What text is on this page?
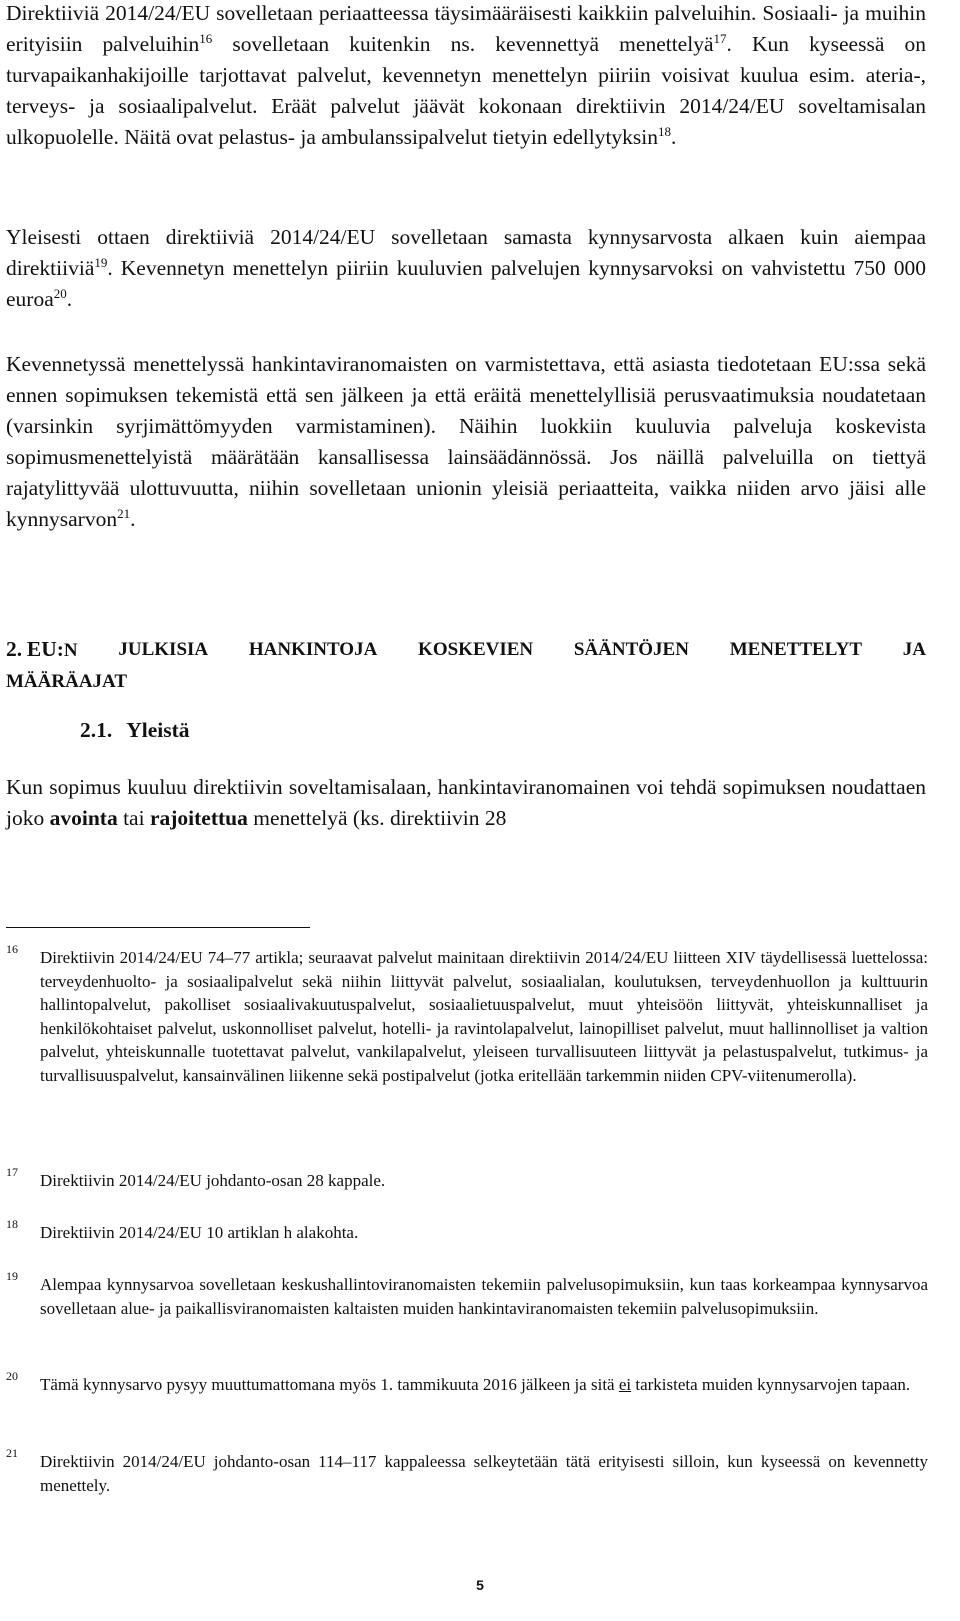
Direktiiviä 2014/24/EU sovelletaan periaatteessa täysimääräisesti kaikkiin palveluihin. Sosiaali- ja muihin erityisiin palveluihin$^{16}$ sovelletaan kuitenkin ns. kevennettyä menettelyä$^{17}$. Kun kyseessä on turvapaikanhakijoille tarjottavat palvelut, kevennetyn menettelyn piiriin voisivat kuulua esim. ateria-, terveys- ja sosiaalipalvelut. Eräät palvelut jäävät kokonaan direktiivin 2014/24/EU soveltamisalan ulkopuolelle. Näitä ovat pelastus- ja ambulanssipalvelut tietyin edellytyksin$^{18}$.

Yleisesti ottaen direktiiviä 2014/24/EU sovelletaan samasta kynnysarvosta alkaen kuin aiempaa direktiiviä$^{19}$. Kevennetyn menettelyn piiriin kuuluvien palvelujen kynnysarvoksi on vahvistettu 750 000 euroa$^{20}$.

Kevennetyssä menettelyssä hankintaviranomaisten on varmistettava, että asiasta tiedotetaan EU:ssa sekä ennen sopimuksen tekemistä että sen jälkeen ja että eräitä menettelyllisiä perusvaatimuksia noudatetaan (varsinkin syrjimättömyyden varmistaminen). Näihin luokkiin kuuluvia palveluja koskevista sopimusmenettelyistä määrätään kansallisessa lainsäädännössä. Jos näillä palveluilla on tiettyä rajatylittyvää ulottuvuutta, niihin sovelletaan unionin yleisiä periaatteita, vaikka niiden arvo jäisi alle kynnysarvon$^{21}$.

2. EU:N JULKISIA HANKINTOJA KOSKEVIEN SÄÄNTÖJEN MENETTELYT JA
MÄÄRÄAJAT
2.1. Yleistä

Kun sopimus kuuluu direktiivin soveltamisalaan, hankintaviranomainen voi tehdä sopimuksen noudattaen joko avointa tai rajoitettua menettelyä (ks. direktiivin 28

16 Direktiivin 2014/24/EU 74–77 artikla; seuraavat palvelut mainitaan direktiivin 2014/24/EU liitteen XIV täydellisessä luettelossa: terveydenhuolto- ja sosiaalipalvelut sekä niihin liittyvät palvelut, sosiaalialan, koulutuksen, terveydenhuollon ja kulttuurin hallintopalvelut, pakolliset sosiaalivakuutuspalvelut, sosiaalietuuspalvelut, muut yhteisöön liittyvät, yhteiskunnalliset ja henkilökohtaiset palvelut, uskonnolliset palvelut, hotelli- ja ravintolapalvelut, lainopilliset palvelut, muut hallinnolliset ja valtion palvelut, yhteiskunnalle tuotettavat palvelut, vankilapalvelut, yleiseen turvallisuuteen liittyvät ja pelastuspalvelut, tutkimus- ja turvallisuuspalvelut, kansainvälinen liikenne sekä postipalvelut (jotka eritellään tarkemmin niiden CPV-viitenumerolla).
17 Direktiivin 2014/24/EU johdanto-osan 28 kappale.
18 Direktiivin 2014/24/EU 10 artiklan h alakohta.
19 Alempaa kynnysarvoa sovelletaan keskushallintoviranomaisten tekemiin palvelusopimuksiin, kun taas korkeampaa kynnysarvoa sovelletaan alue- ja paikallisviranomaisten kaltaisten muiden hankintaviranomaisten tekemiin palvelusopimuksiin.
20 Tämä kynnysarvo pysyy muuttumattomana myös 1. tammikuuta 2016 jälkeen ja sitä ei tarkisteta muiden kynnysarvojen tapaan.
21 Direktiivin 2014/24/EU johdanto-osan 114–117 kappaleessa selkeytetään tätä erityisesti silloin, kun kyseessä on kevennetty menettely.
5
